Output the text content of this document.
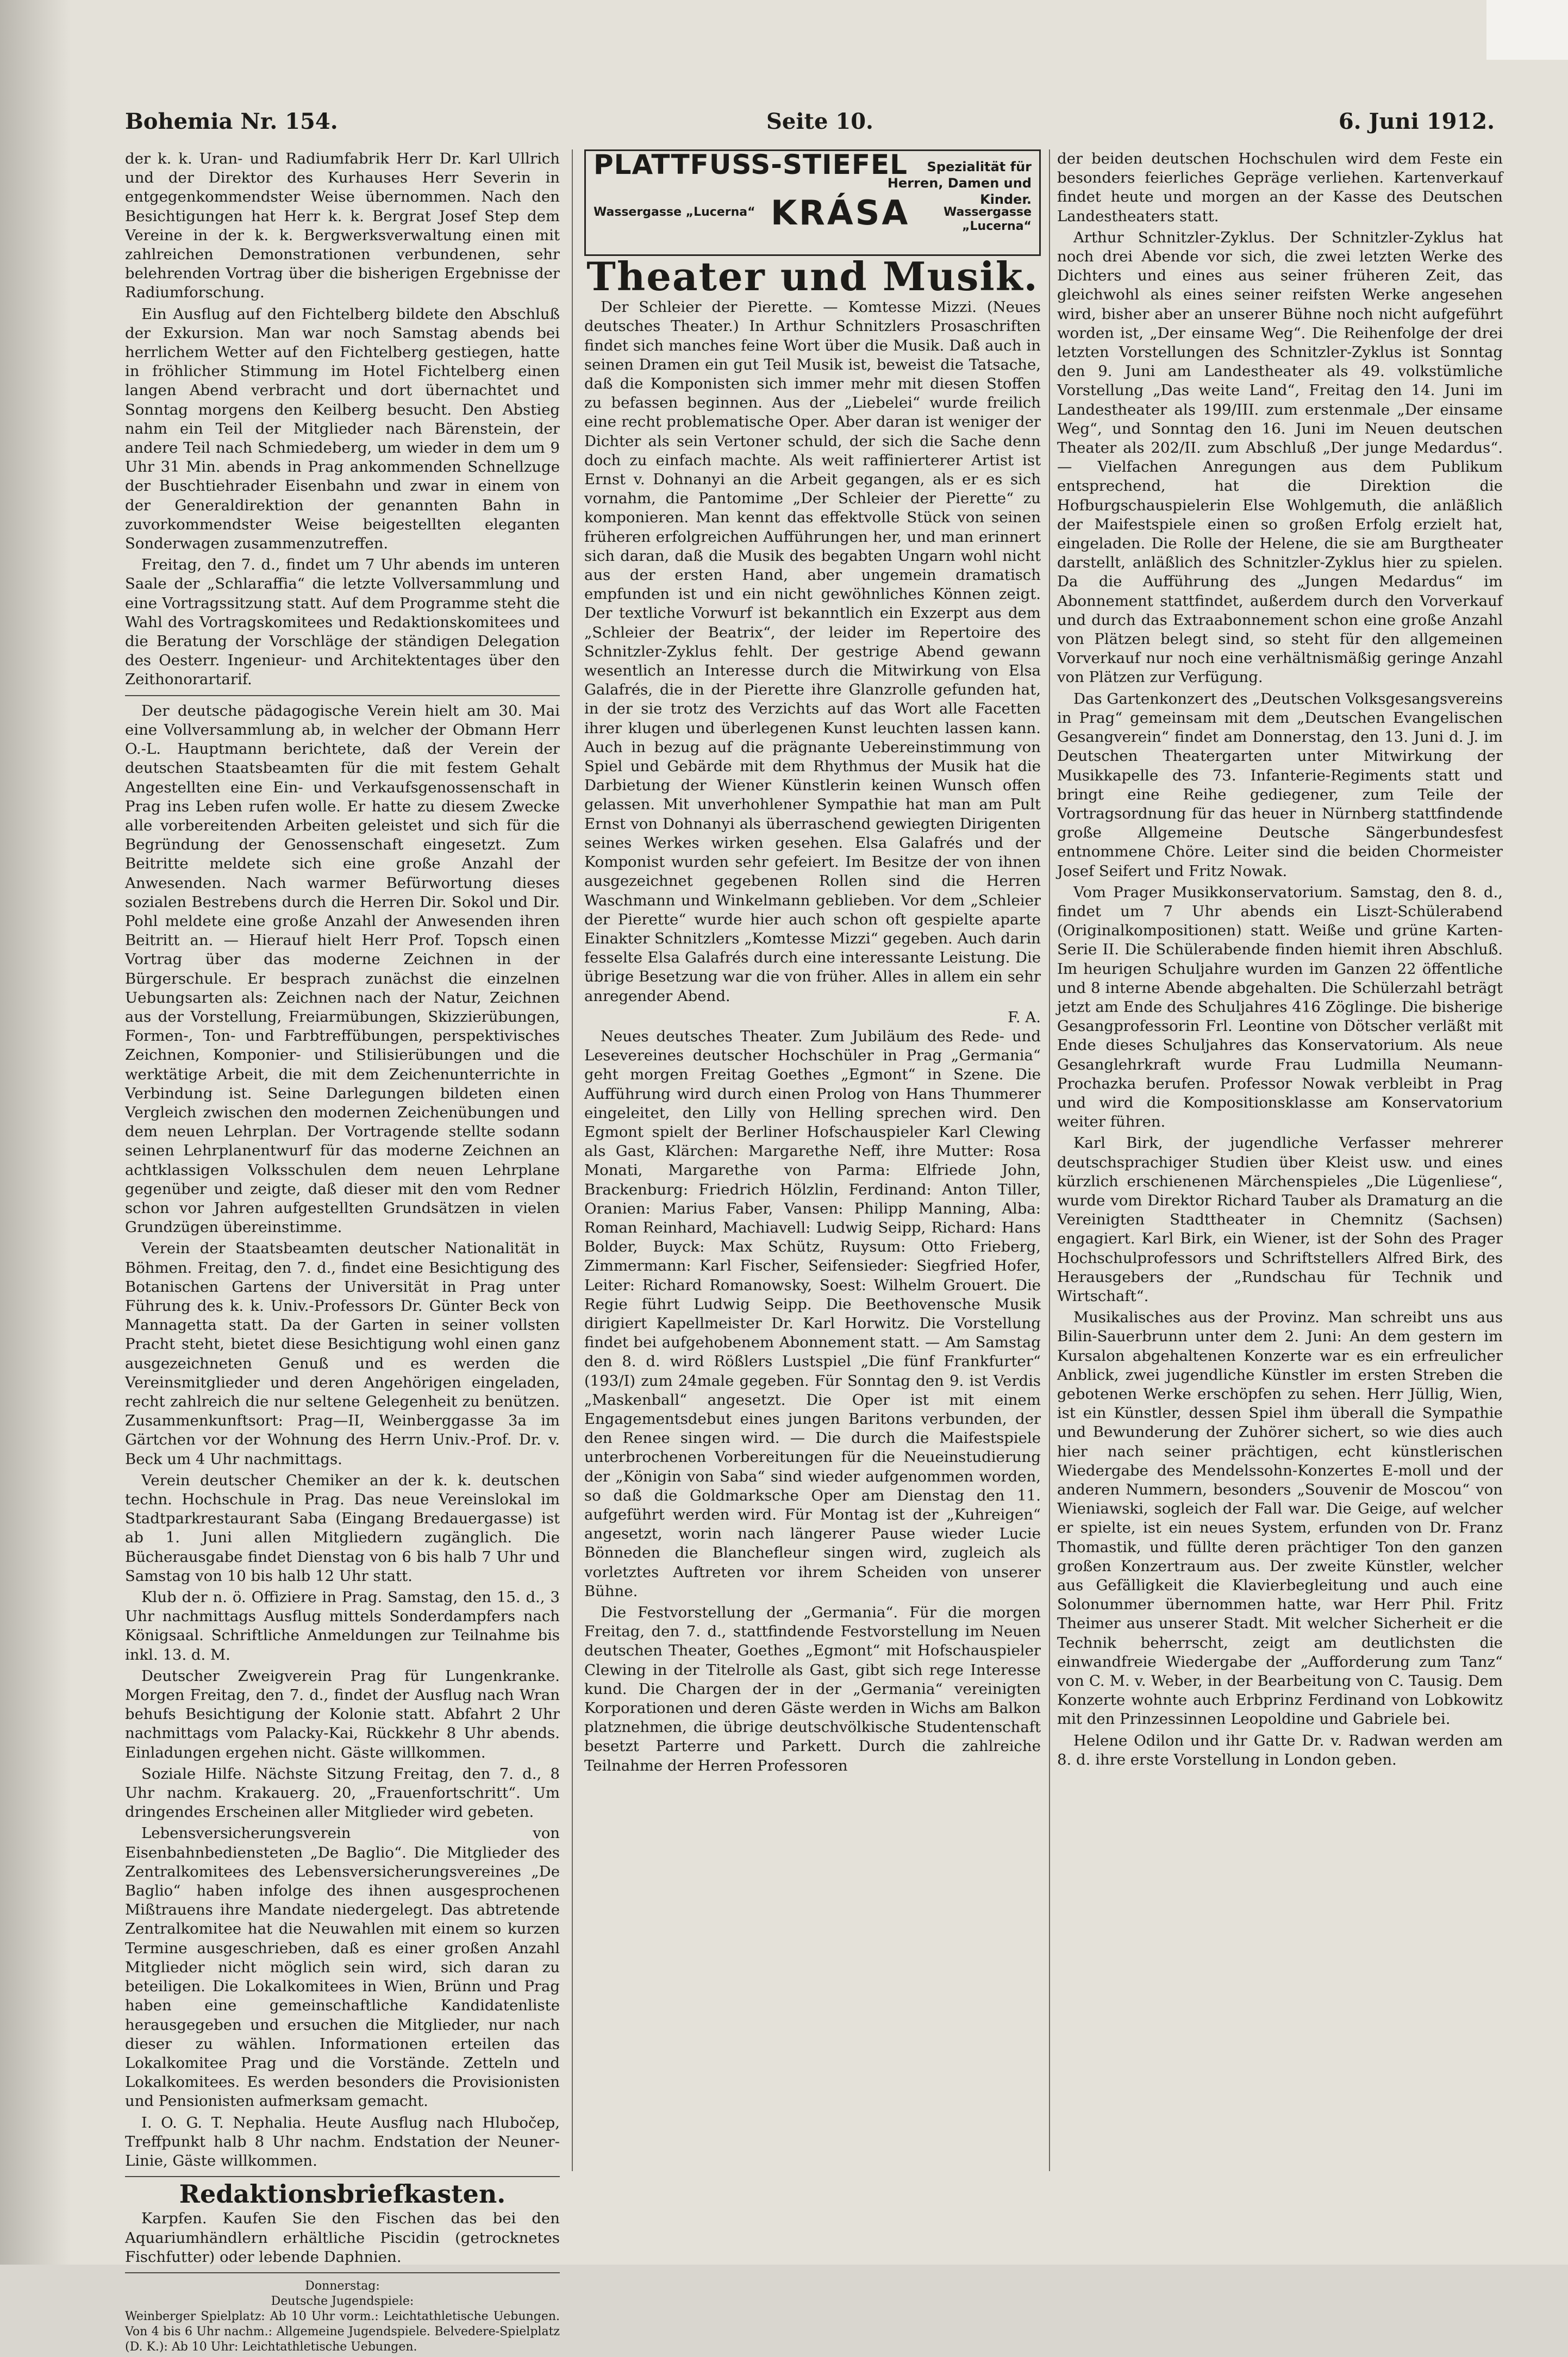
Bohemia Nr. 154.	Seite 10.	6. Juni 1912.

der k. k. Uran- und Radiumfabrik Herr Dr. Karl Ullrich und der Direktor des Kurhauses Herr Severin in entgegenkommendster Weise übernommen. Nach den Besichtigungen hat Herr k. k. Bergrat Josef Step dem Vereine in der k. k. Bergwerksverwaltung einen mit zahlreichen Demonstrationen verbundenen, sehr belehrenden Vortrag über die bisherigen Ergebnisse der Radiumforschung.

Ein Ausflug auf den Fichtelberg bildete den Abschluß der Exkursion. Man war noch Samstag abends bei herrlichem Wetter auf den Fichtelberg gestiegen, hatte in fröhlicher Stimmung im Hotel Fichtelberg einen langen Abend verbracht und dort übernachtet und Sonntag morgens den Keilberg besucht. Den Abstieg nahm ein Teil der Mitglieder nach Bärenstein, der andere Teil nach Schmiedeberg, um wieder in dem um 9 Uhr 31 Min. abends in Prag ankommenden Schnellzuge der Buschtiehrader Eisenbahn und zwar in einem von der Generaldirektion der genannten Bahn in zuvorkommendster Weise beigestellten eleganten Sonderwagen zusammenzutreffen.

Freitag, den 7. d., findet um 7 Uhr abends im unteren Saale der „Schlaraffia“ die letzte Vollversammlung und eine Vortragssitzung statt. Auf dem Programme steht die Wahl des Vortragskomitees und Redaktionskomitees und die Beratung der Vorschläge der ständigen Delegation des Oesterr. Ingenieur- und Architektentages über den Zeithonorartarif.

Der deutsche pädagogische Verein hielt am 30. Mai eine Vollversammlung ab, in welcher der Obmann Herr O.-L. Hauptmann berichtete, daß der Verein der deutschen Staatsbeamten für die mit festem Gehalt Angestellten eine Ein- und Verkaufsgenossenschaft in Prag ins Leben rufen wolle. Er hatte zu diesem Zwecke alle vorbereitenden Arbeiten geleistet und sich für die Begründung der Genossenschaft eingesetzt. Zum Beitritte meldete sich eine große Anzahl der Anwesenden. Nach warmer Befürwortung dieses sozialen Bestrebens durch die Herren Dir. Sokol und Dir. Pohl meldete eine große Anzahl der Anwesenden ihren Beitritt an. — Hierauf hielt Herr Prof. Topsch einen Vortrag über das moderne Zeichnen in der Bürgerschule. Er besprach zunächst die einzelnen Uebungsarten als: Zeichnen nach der Natur, Zeichnen aus der Vorstellung, Freiarmübungen, Skizzierübungen, Formen-, Ton- und Farbtreffübungen, perspektivisches Zeichnen, Komponier- und Stilisierübungen und die werktätige Arbeit, die mit dem Zeichenunterrichte in Verbindung ist. Seine Darlegungen bildeten einen Vergleich zwischen den modernen Zeichenübungen und dem neuen Lehrplan. Der Vortragende stellte sodann seinen Lehrplanentwurf für das moderne Zeichnen an achtklassigen Volksschulen dem neuen Lehrplane gegenüber und zeigte, daß dieser mit den vom Redner schon vor Jahren aufgestellten Grundsätzen in vielen Grundzügen übereinstimme.

Verein der Staatsbeamten deutscher Nationalität in Böhmen. Freitag, den 7. d., findet eine Besichtigung des Botanischen Gartens der Universität in Prag unter Führung des k. k. Univ.-Professors Dr. Günter Beck von Mannagetta statt. Da der Garten in seiner vollsten Pracht steht, bietet diese Besichtigung wohl einen ganz ausgezeichneten Genuß und es werden die Vereinsmitglieder und deren Angehörigen eingeladen, recht zahlreich die nur seltene Gelegenheit zu benützen. Zusammenkunftsort: Prag—II, Weinberggasse 3a im Gärtchen vor der Wohnung des Herrn Univ.-Prof. Dr. v. Beck um 4 Uhr nachmittags.

Verein deutscher Chemiker an der k. k. deutschen techn. Hochschule in Prag. Das neue Vereinslokal im Stadtparkrestaurant Saba (Eingang Bredauergasse) ist ab 1. Juni allen Mitgliedern zugänglich. Die Bücherausgabe findet Dienstag von 6 bis halb 7 Uhr und Samstag von 10 bis halb 12 Uhr statt.

Klub der n. ö. Offiziere in Prag. Samstag, den 15. d., 3 Uhr nachmittags Ausflug mittels Sonderdampfers nach Königsaal. Schriftliche Anmeldungen zur Teilnahme bis inkl. 13. d. M.

Deutscher Zweigverein Prag für Lungenkranke. Morgen Freitag, den 7. d., findet der Ausflug nach Wran behufs Besichtigung der Kolonie statt. Abfahrt 2 Uhr nachmittags vom Palacky-Kai, Rückkehr 8 Uhr abends. Einladungen ergehen nicht. Gäste willkommen.

Soziale Hilfe. Nächste Sitzung Freitag, den 7. d., 8 Uhr nachm. Krakauerg. 20, „Frauenfortschritt“. Um dringendes Erscheinen aller Mitglieder wird gebeten.

Lebensversicherungsverein von Eisenbahnbediensteten „De Baglio“. Die Mitglieder des Zentralkomitees des Lebensversicherungsvereines „De Baglio“ haben infolge des ihnen ausgesprochenen Mißtrauens ihre Mandate niedergelegt. Das abtretende Zentralkomitee hat die Neuwahlen mit einem so kurzen Termine ausgeschrieben, daß es einer großen Anzahl Mitglieder nicht möglich sein wird, sich daran zu beteiligen. Die Lokalkomitees in Wien, Brünn und Prag haben eine gemeinschaftliche Kandidatenliste herausgegeben und ersuchen die Mitglieder, nur nach dieser zu wählen. Informationen erteilen das Lokalkomitee Prag und die Vorstände. Zetteln und Lokalkomitees. Es werden besonders die Provisionisten und Pensionisten aufmerksam gemacht.

I. O. G. T. Nephalia. Heute Ausflug nach Hlubočep, Treffpunkt halb 8 Uhr nachm. Endstation der Neuner-Linie, Gäste willkommen.

Redaktionsbriefkasten.

Karpfen. Kaufen Sie den Fischen das bei den Aquariumhändlern erhältliche Piscidin (getrocknetes Fischfutter) oder lebende Daphnien.

Donnerstag:
Deutsche Jugendspiele:

Weinberger Spielplatz: Ab 10 Uhr vorm.: Leichtathletische Uebungen. Von 4 bis 6 Uhr nachm.: Allgemeine Jugendspiele. Belvedere-Spielplatz (D. K.): Ab 10 Uhr: Leichtathletische Uebungen.

PLATTFUSS-STIEFEL	Spezialität für Herren, Damen und Kinder.
Wassergasse „Lucerna“ KRÁSA	Wassergasse „Lucerna“
Theater und Musik.

Der Schleier der Pierette. — Komtesse Mizzi. (Neues deutsches Theater.) In Arthur Schnitzlers Prosaschriften findet sich manches feine Wort über die Musik. Daß auch in seinen Dramen ein gut Teil Musik ist, beweist die Tatsache, daß die Komponisten sich immer mehr mit diesen Stoffen zu befassen beginnen. Aus der „Liebelei“ wurde freilich eine recht problematische Oper. Aber daran ist weniger der Dichter als sein Vertoner schuld, der sich die Sache denn doch zu einfach machte. Als weit raffinierterer Artist ist Ernst v. Dohnanyi an die Arbeit gegangen, als er es sich vornahm, die Pantomime „Der Schleier der Pierette“ zu komponieren. Man kennt das effektvolle Stück von seinen früheren erfolgreichen Aufführungen her, und man erinnert sich daran, daß die Musik des begabten Ungarn wohl nicht aus der ersten Hand, aber ungemein dramatisch empfunden ist und ein nicht gewöhnliches Können zeigt. Der textliche Vorwurf ist bekanntlich ein Exzerpt aus dem „Schleier der Beatrix“, der leider im Repertoire des Schnitzler-Zyklus fehlt. Der gestrige Abend gewann wesentlich an Interesse durch die Mitwirkung von Elsa Galafrés, die in der Pierette ihre Glanzrolle gefunden hat, in der sie trotz des Verzichts auf das Wort alle Facetten ihrer klugen und überlegenen Kunst leuchten lassen kann. Auch in bezug auf die prägnante Uebereinstimmung von Spiel und Gebärde mit dem Rhythmus der Musik hat die Darbietung der Wiener Künstlerin keinen Wunsch offen gelassen. Mit unverhohlener Sympathie hat man am Pult Ernst von Dohnanyi als überraschend gewiegten Dirigenten seines Werkes wirken gesehen. Elsa Galafrés und der Komponist wurden sehr gefeiert. Im Besitze der von ihnen ausgezeichnet gegebenen Rollen sind die Herren Waschmann und Winkelmann geblieben. Vor dem „Schleier der Pierette“ wurde hier auch schon oft gespielte aparte Einakter Schnitzlers „Komtesse Mizzi“ gegeben. Auch darin fesselte Elsa Galafrés durch eine interessante Leistung. Die übrige Besetzung war die von früher. Alles in allem ein sehr anregender Abend.

F. A.

Neues deutsches Theater. Zum Jubiläum des Rede- und Lesevereines deutscher Hochschüler in Prag „Germania“ geht morgen Freitag Goethes „Egmont“ in Szene. Die Aufführung wird durch einen Prolog von Hans Thummerer eingeleitet, den Lilly von Helling sprechen wird. Den Egmont spielt der Berliner Hofschauspieler Karl Clewing als Gast, Klärchen: Margarethe Neff, ihre Mutter: Rosa Monati, Margarethe von Parma: Elfriede John, Brackenburg: Friedrich Hölzlin, Ferdinand: Anton Tiller, Oranien: Marius Faber, Vansen: Philipp Manning, Alba: Roman Reinhard, Machiavell: Ludwig Seipp, Richard: Hans Bolder, Buyck: Max Schütz, Ruysum: Otto Frieberg, Zimmermann: Karl Fischer, Seifensieder: Siegfried Hofer, Leiter: Richard Romanowsky, Soest: Wilhelm Grouert. Die Regie führt Ludwig Seipp. Die Beethovensche Musik dirigiert Kapellmeister Dr. Karl Horwitz. Die Vorstellung findet bei aufgehobenem Abonnement statt. — Am Samstag den 8. d. wird Rößlers Lustspiel „Die fünf Frankfurter“ (193/I) zum 24male gegeben. Für Sonntag den 9. ist Verdis „Maskenball“ angesetzt. Die Oper ist mit einem Engagementsdebut eines jungen Baritons verbunden, der den Renee singen wird. — Die durch die Maifestspiele unterbrochenen Vorbereitungen für die Neueinstudierung der „Königin von Saba“ sind wieder aufgenommen worden, so daß die Goldmarksche Oper am Dienstag den 11. aufgeführt werden wird. Für Montag ist der „Kuhreigen“ angesetzt, worin nach längerer Pause wieder Lucie Bönneden die Blanchefleur singen wird, zugleich als vorletztes Auftreten vor ihrem Scheiden von unserer Bühne.

Die Festvorstellung der „Germania“. Für die morgen Freitag, den 7. d., stattfindende Festvorstellung im Neuen deutschen Theater, Goethes „Egmont“ mit Hofschauspieler Clewing in der Titelrolle als Gast, gibt sich rege Interesse kund. Die Chargen der in der „Germania“ vereinigten Korporationen und deren Gäste werden in Wichs am Balkon platznehmen, die übrige deutschvölkische Studentenschaft besetzt Parterre und Parkett. Durch die zahlreiche Teilnahme der Herren Professoren

der beiden deutschen Hochschulen wird dem Feste ein besonders feierliches Gepräge verliehen. Kartenverkauf findet heute und morgen an der Kasse des Deutschen Landestheaters statt.

Arthur Schnitzler-Zyklus. Der Schnitzler-Zyklus hat noch drei Abende vor sich, die zwei letzten Werke des Dichters und eines aus seiner früheren Zeit, das gleichwohl als eines seiner reifsten Werke angesehen wird, bisher aber an unserer Bühne noch nicht aufgeführt worden ist, „Der einsame Weg“. Die Reihenfolge der drei letzten Vorstellungen des Schnitzler-Zyklus ist Sonntag den 9. Juni am Landestheater als 49. volkstümliche Vorstellung „Das weite Land“, Freitag den 14. Juni im Landestheater als 199/III. zum erstenmale „Der einsame Weg“, und Sonntag den 16. Juni im Neuen deutschen Theater als 202/II. zum Abschluß „Der junge Medardus“. — Vielfachen Anregungen aus dem Publikum entsprechend, hat die Direktion die Hofburgschauspielerin Else Wohlgemuth, die anläßlich der Maifestspiele einen so großen Erfolg erzielt hat, eingeladen. Die Rolle der Helene, die sie am Burgtheater darstellt, anläßlich des Schnitzler-Zyklus hier zu spielen. Da die Aufführung des „Jungen Medardus“ im Abonnement stattfindet, außerdem durch den Vorverkauf und durch das Extraabonnement schon eine große Anzahl von Plätzen belegt sind, so steht für den allgemeinen Vorverkauf nur noch eine verhältnismäßig geringe Anzahl von Plätzen zur Verfügung.

Das Gartenkonzert des „Deutschen Volksgesangsvereins in Prag“ gemeinsam mit dem „Deutschen Evangelischen Gesangverein“ findet am Donnerstag, den 13. Juni d. J. im Deutschen Theatergarten unter Mitwirkung der Musikkapelle des 73. Infanterie-Regiments statt und bringt eine Reihe gediegener, zum Teile der Vortragsordnung für das heuer in Nürnberg stattfindende große Allgemeine Deutsche Sängerbundesfest entnommene Chöre. Leiter sind die beiden Chormeister Josef Seifert und Fritz Nowak.

Vom Prager Musikkonservatorium. Samstag, den 8. d., findet um 7 Uhr abends ein Liszt-Schülerabend (Originalkompositionen) statt. Weiße und grüne Karten-Serie II. Die Schülerabende finden hiemit ihren Abschluß. Im heurigen Schuljahre wurden im Ganzen 22 öffentliche und 8 interne Abende abgehalten. Die Schülerzahl beträgt jetzt am Ende des Schuljahres 416 Zöglinge. Die bisherige Gesangprofessorin Frl. Leontine von Dötscher verläßt mit Ende dieses Schuljahres das Konservatorium. Als neue Gesanglehrkraft wurde Frau Ludmilla Neumann-Prochazka berufen. Professor Nowak verbleibt in Prag und wird die Kompositionsklasse am Konservatorium weiter führen.

Karl Birk, der jugendliche Verfasser mehrerer deutschsprachiger Studien über Kleist usw. und eines kürzlich erschienenen Märchenspieles „Die Lügenliese“, wurde vom Direktor Richard Tauber als Dramaturg an die Vereinigten Stadttheater in Chemnitz (Sachsen) engagiert. Karl Birk, ein Wiener, ist der Sohn des Prager Hochschulprofessors und Schriftstellers Alfred Birk, des Herausgebers der „Rundschau für Technik und Wirtschaft“.

Musikalisches aus der Provinz. Man schreibt uns aus Bilin-Sauerbrunn unter dem 2. Juni: An dem gestern im Kursalon abgehaltenen Konzerte war es ein erfreulicher Anblick, zwei jugendliche Künstler im ersten Streben die gebotenen Werke erschöpfen zu sehen. Herr Jüllig, Wien, ist ein Künstler, dessen Spiel ihm überall die Sympathie und Bewunderung der Zuhörer sichert, so wie dies auch hier nach seiner prächtigen, echt künstlerischen Wiedergabe des Mendelssohn-Konzertes E-moll und der anderen Nummern, besonders „Souvenir de Moscou“ von Wieniawski, sogleich der Fall war. Die Geige, auf welcher er spielte, ist ein neues System, erfunden von Dr. Franz Thomastik, und füllte deren prächtiger Ton den ganzen großen Konzertraum aus. Der zweite Künstler, welcher aus Gefälligkeit die Klavierbegleitung und auch eine Solonummer übernommen hatte, war Herr Phil. Fritz Theimer aus unserer Stadt. Mit welcher Sicherheit er die Technik beherrscht, zeigt am deutlichsten die einwandfreie Wiedergabe der „Aufforderung zum Tanz“ von C. M. v. Weber, in der Bearbeitung von C. Tausig. Dem Konzerte wohnte auch Erbprinz Ferdinand von Lobkowitz mit den Prinzessinnen Leopoldine und Gabriele bei.

Helene Odilon und ihr Gatte Dr. v. Radwan werden am 8. d. ihre erste Vorstellung in London geben.
